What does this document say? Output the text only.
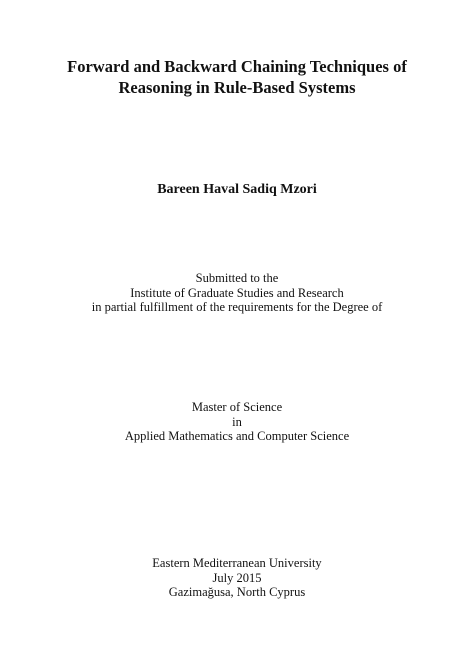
Forward and Backward Chaining Techniques of
Reasoning in Rule-Based Systems
Bareen Haval Sadiq Mzori
Submitted to the
Institute of Graduate Studies and Research
in partial fulfillment of the requirements for the Degree of
Master of Science
in
Applied Mathematics and Computer Science
Eastern Mediterranean University
July 2015
Gazimağusa, North Cyprus
